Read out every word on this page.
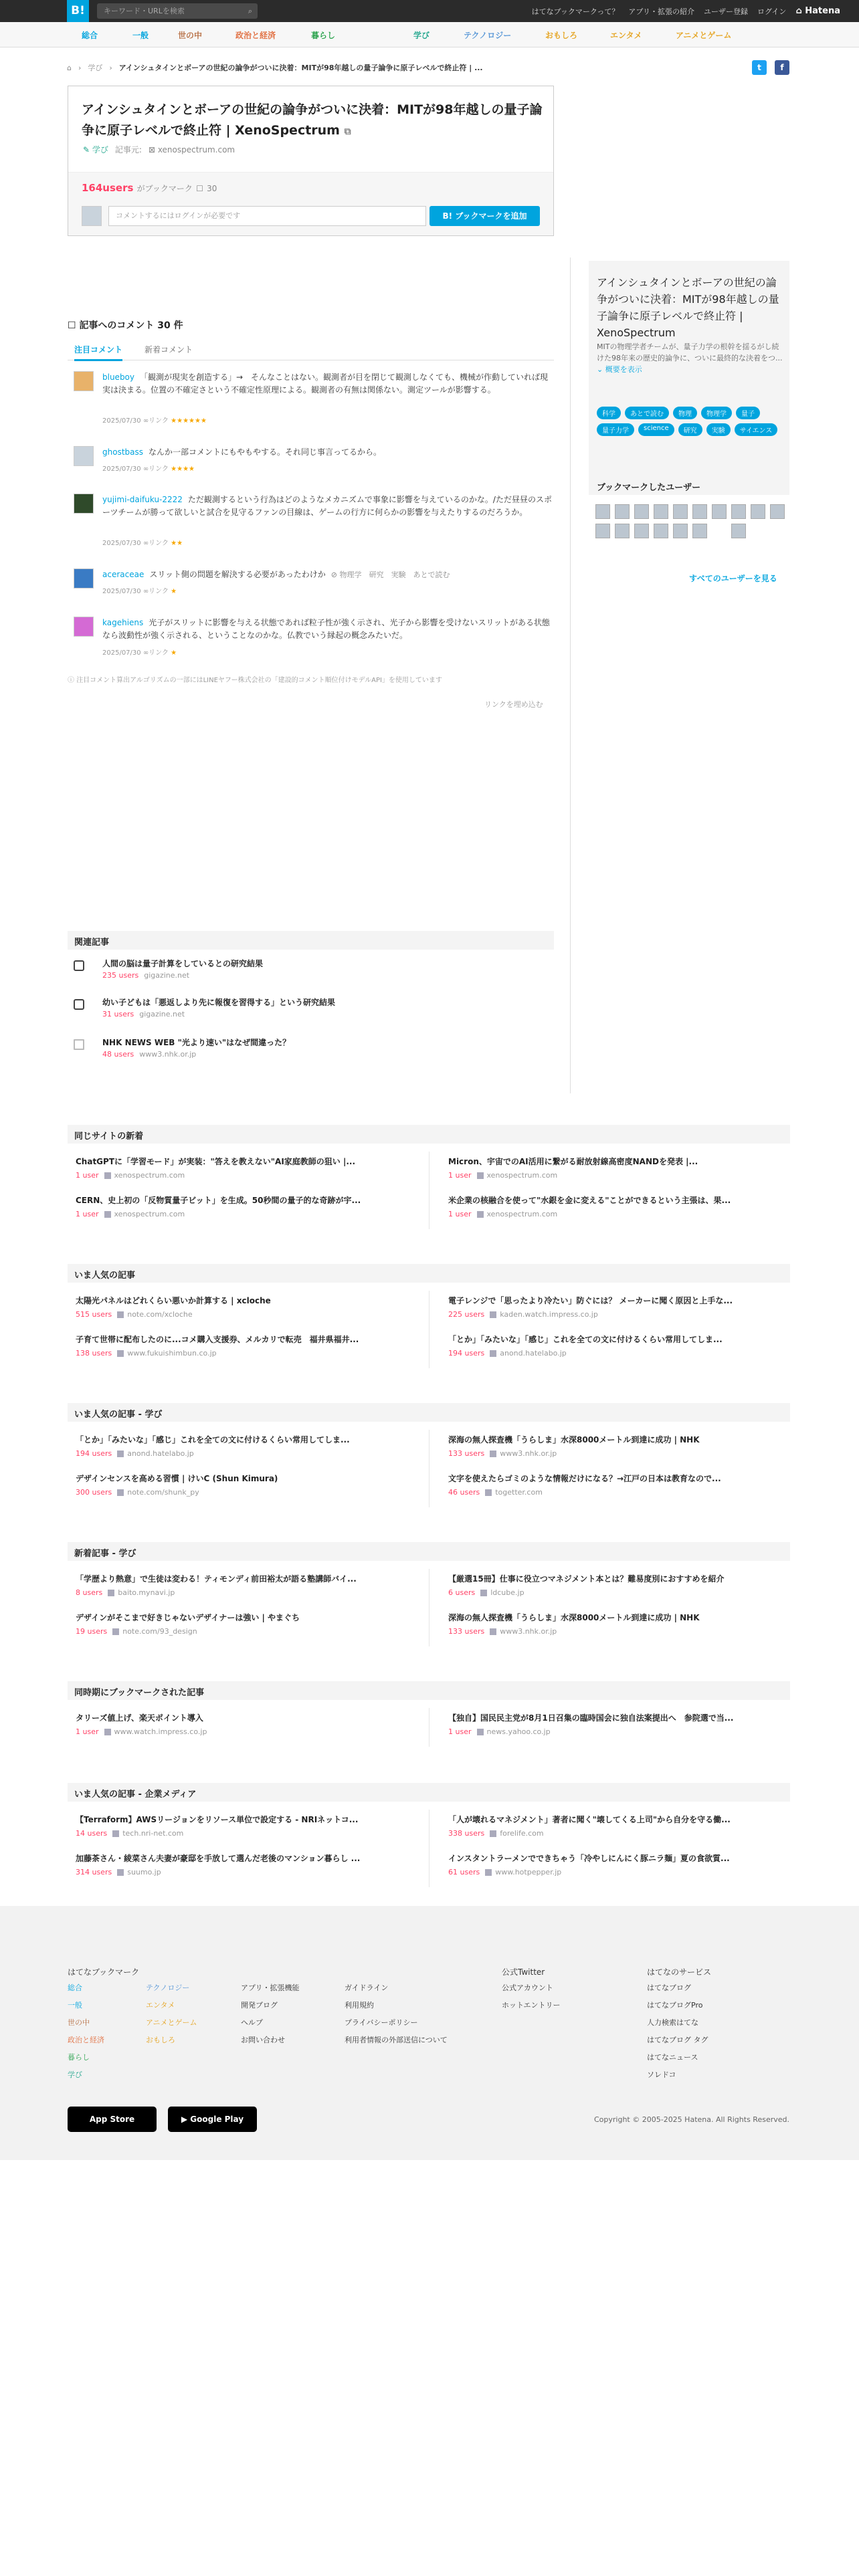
B!	キーワード・URLを検索	⌕	はてなブックマークって？ アプリ・拡張の紹介 ユーザー登録 ログイン ⌂ Hatena
総合	一般	世の中	政治と経済	暮らし	学び	テクノロジー	おもしろ	エンタメ	アニメとゲーム
⌂ › 学び › アインシュタインとボーアの世紀の論争がついに決着：MITが98年越しの量子論争に原子レベルで終止符 | ...	t	f
アインシュタインとボーアの世紀の論争がついに決着：MITが98年越しの量子論争に原子レベルで終止符 | XenoSpectrum ⧉
✎ 学び 記事元: ⊠ xenospectrum.com
164users がブックマーク ☐ 30
コメントするにはログインが必要です	B! ブックマークを追加
アインシュタインとボーアの世紀の論争がついに決着：MITが98年越しの量子論争に原子レベルで終止符 | XenoSpectrum
MITの物理学者チームが、量子力学の根幹を揺るがし続けた98年来の歴史的論争に、ついに最終的な決着をつ... ⌄ 概要を表示
科学	あとで読む	物理	物理学	量子
量子力学	science	研究	実験	サイエンス
ブックマークしたユーザー
すべてのユーザーを見る
☐ 記事へのコメント 30 件
注目コメント	新着コメント
blueboy 「観測が現実を創造する」→　そんなことはない。観測者が目を閉じて観測しなくても、機械が作動していれば現実は決まる。位置の不確定さという不確定性原理による。観測者の有無は関係ない。測定ツールが影響する。
2025/07/30 ∞リンク ★★★★★★
ghostbass なんか一部コメントにもやもやする。それ同じ事言ってるから。
2025/07/30 ∞リンク ★★★★
yujimi-daifuku-2222 ただ観測するという行為はどのようなメカニズムで事象に影響を与えているのかな。/ただ昼昼のスポーツチームが勝って欲しいと試合を見守るファンの目線は、ゲームの行方に何らかの影響を与えたりするのだろうか。
2025/07/30 ∞リンク ★★
aceraceae スリット側の問題を解決する必要があったわけか ⊘ 物理学　研究　実験　あとで読む
2025/07/30 ∞リンク ★
kagehiens 光子がスリットに影響を与える状態であれば粒子性が強く示され、光子から影響を受けないスリットがある状態なら波動性が強く示される、ということなのかな。仏教でいう縁起の概念みたいだ。
2025/07/30 ∞リンク ★
ⓘ 注目コメント算出アルゴリズムの一部にはLINEヤフー株式会社の「建設的コメント順位付けモデルAPI」を使用しています
リンクを埋め込む
関連記事
人間の脳は量子計算をしているとの研究結果
235 users gigazine.net
幼い子どもは「悪返しより先に報復を習得する」という研究結果
31 users gigazine.net
NHK NEWS WEB "光より速い"はなぜ間違った？
48 users www3.nhk.or.jp
同じサイトの新着
ChatGPTに「学習モード」が実装："答えを教えない"AI家庭教師の狙い |...
1 user xenospectrum.com
Micron、宇宙でのAI活用に繋がる耐放射線高密度NANDを発表 |...
1 user xenospectrum.com
CERN、史上初の「反物質量子ビット」を生成。50秒間の量子的な奇跡が宇...
1 user xenospectrum.com
米企業の核融合を使って"水銀を金に変える"ことができるという主張は、果...
1 user xenospectrum.com
いま人気の記事
太陽光パネルはどれくらい悪いか計算する | xcloche
515 users note.com/xcloche
電子レンジで「思ったより冷たい」防ぐには？ メーカーに聞く原因と上手な...
225 users kaden.watch.impress.co.jp
子育て世帯に配布したのに...コメ購入支援券、メルカリで転売　福井県福井...
138 users www.fukuishimbun.co.jp
「とか」「みたいな」「感じ」これを全ての文に付けるくらい常用してしま...
194 users anond.hatelabo.jp
いま人気の記事 - 学び
「とか」「みたいな」「感じ」これを全ての文に付けるくらい常用してしま...
194 users anond.hatelabo.jp
深海の無人探査機「うらしま」水深8000メートル到達に成功 | NHK
133 users www3.nhk.or.jp
デザインセンスを高める習慣 | けいC (Shun Kimura)
300 users note.com/shunk_py
文字を使えたらゴミのような情報だけになる？→江戸の日本は教育なので...
46 users togetter.com
新着記事 - 学び
「学歴より熱意」で生徒は変わる！ティモンディ前田裕太が語る塾講師バイ...
8 users baito.mynavi.jp
【厳選15冊】仕事に役立つマネジメント本とは？難易度別におすすめを紹介
6 users ldcube.jp
デザインがそこまで好きじゃないデザイナーは強い | やまぐち
19 users note.com/93_design
深海の無人探査機「うらしま」水深8000メートル到達に成功 | NHK
133 users www3.nhk.or.jp
同時期にブックマークされた記事
タリーズ値上げ、楽天ポイント導入
1 user www.watch.impress.co.jp
【独自】国民民主党が8月1日召集の臨時国会に独自法案提出へ　参院選で当...
1 user news.yahoo.co.jp
いま人気の記事 - 企業メディア
【Terraform】AWSリージョンをリソース単位で設定する - NRIネットコ...
14 users tech.nri-net.com
「人が壊れるマネジメント」著者に聞く"壊してくる上司"から自分を守る働...
338 users forelife.com
加藤茶さん・綾菜さん夫妻が豪邸を手放して選んだ老後のマンション暮らし ...
314 users suumo.jp
インスタントラーメンでできちゃう「冷やしにんにく豚ニラ麺」夏の食欲質...
61 users www.hotpepper.jp
はてなブックマーク
総合
一般
世の中
政治と経済
暮らし
学び
テクノロジー
エンタメ
アニメとゲーム
おもしろ
アプリ・拡張機能
開発ブログ
ヘルプ
お問い合わせ
ガイドライン
利用規約
プライバシーポリシー
利用者情報の外部送信について
公式Twitter
公式アカウント
ホットエントリー
はてなのサービス
はてなブログ
はてなブログPro
人力検索はてな
はてなブログ タグ
はてなニュース
ソレドコ
App Store	▶ Google Play	Copyright © 2005-2025 Hatena. All Rights Reserved.
